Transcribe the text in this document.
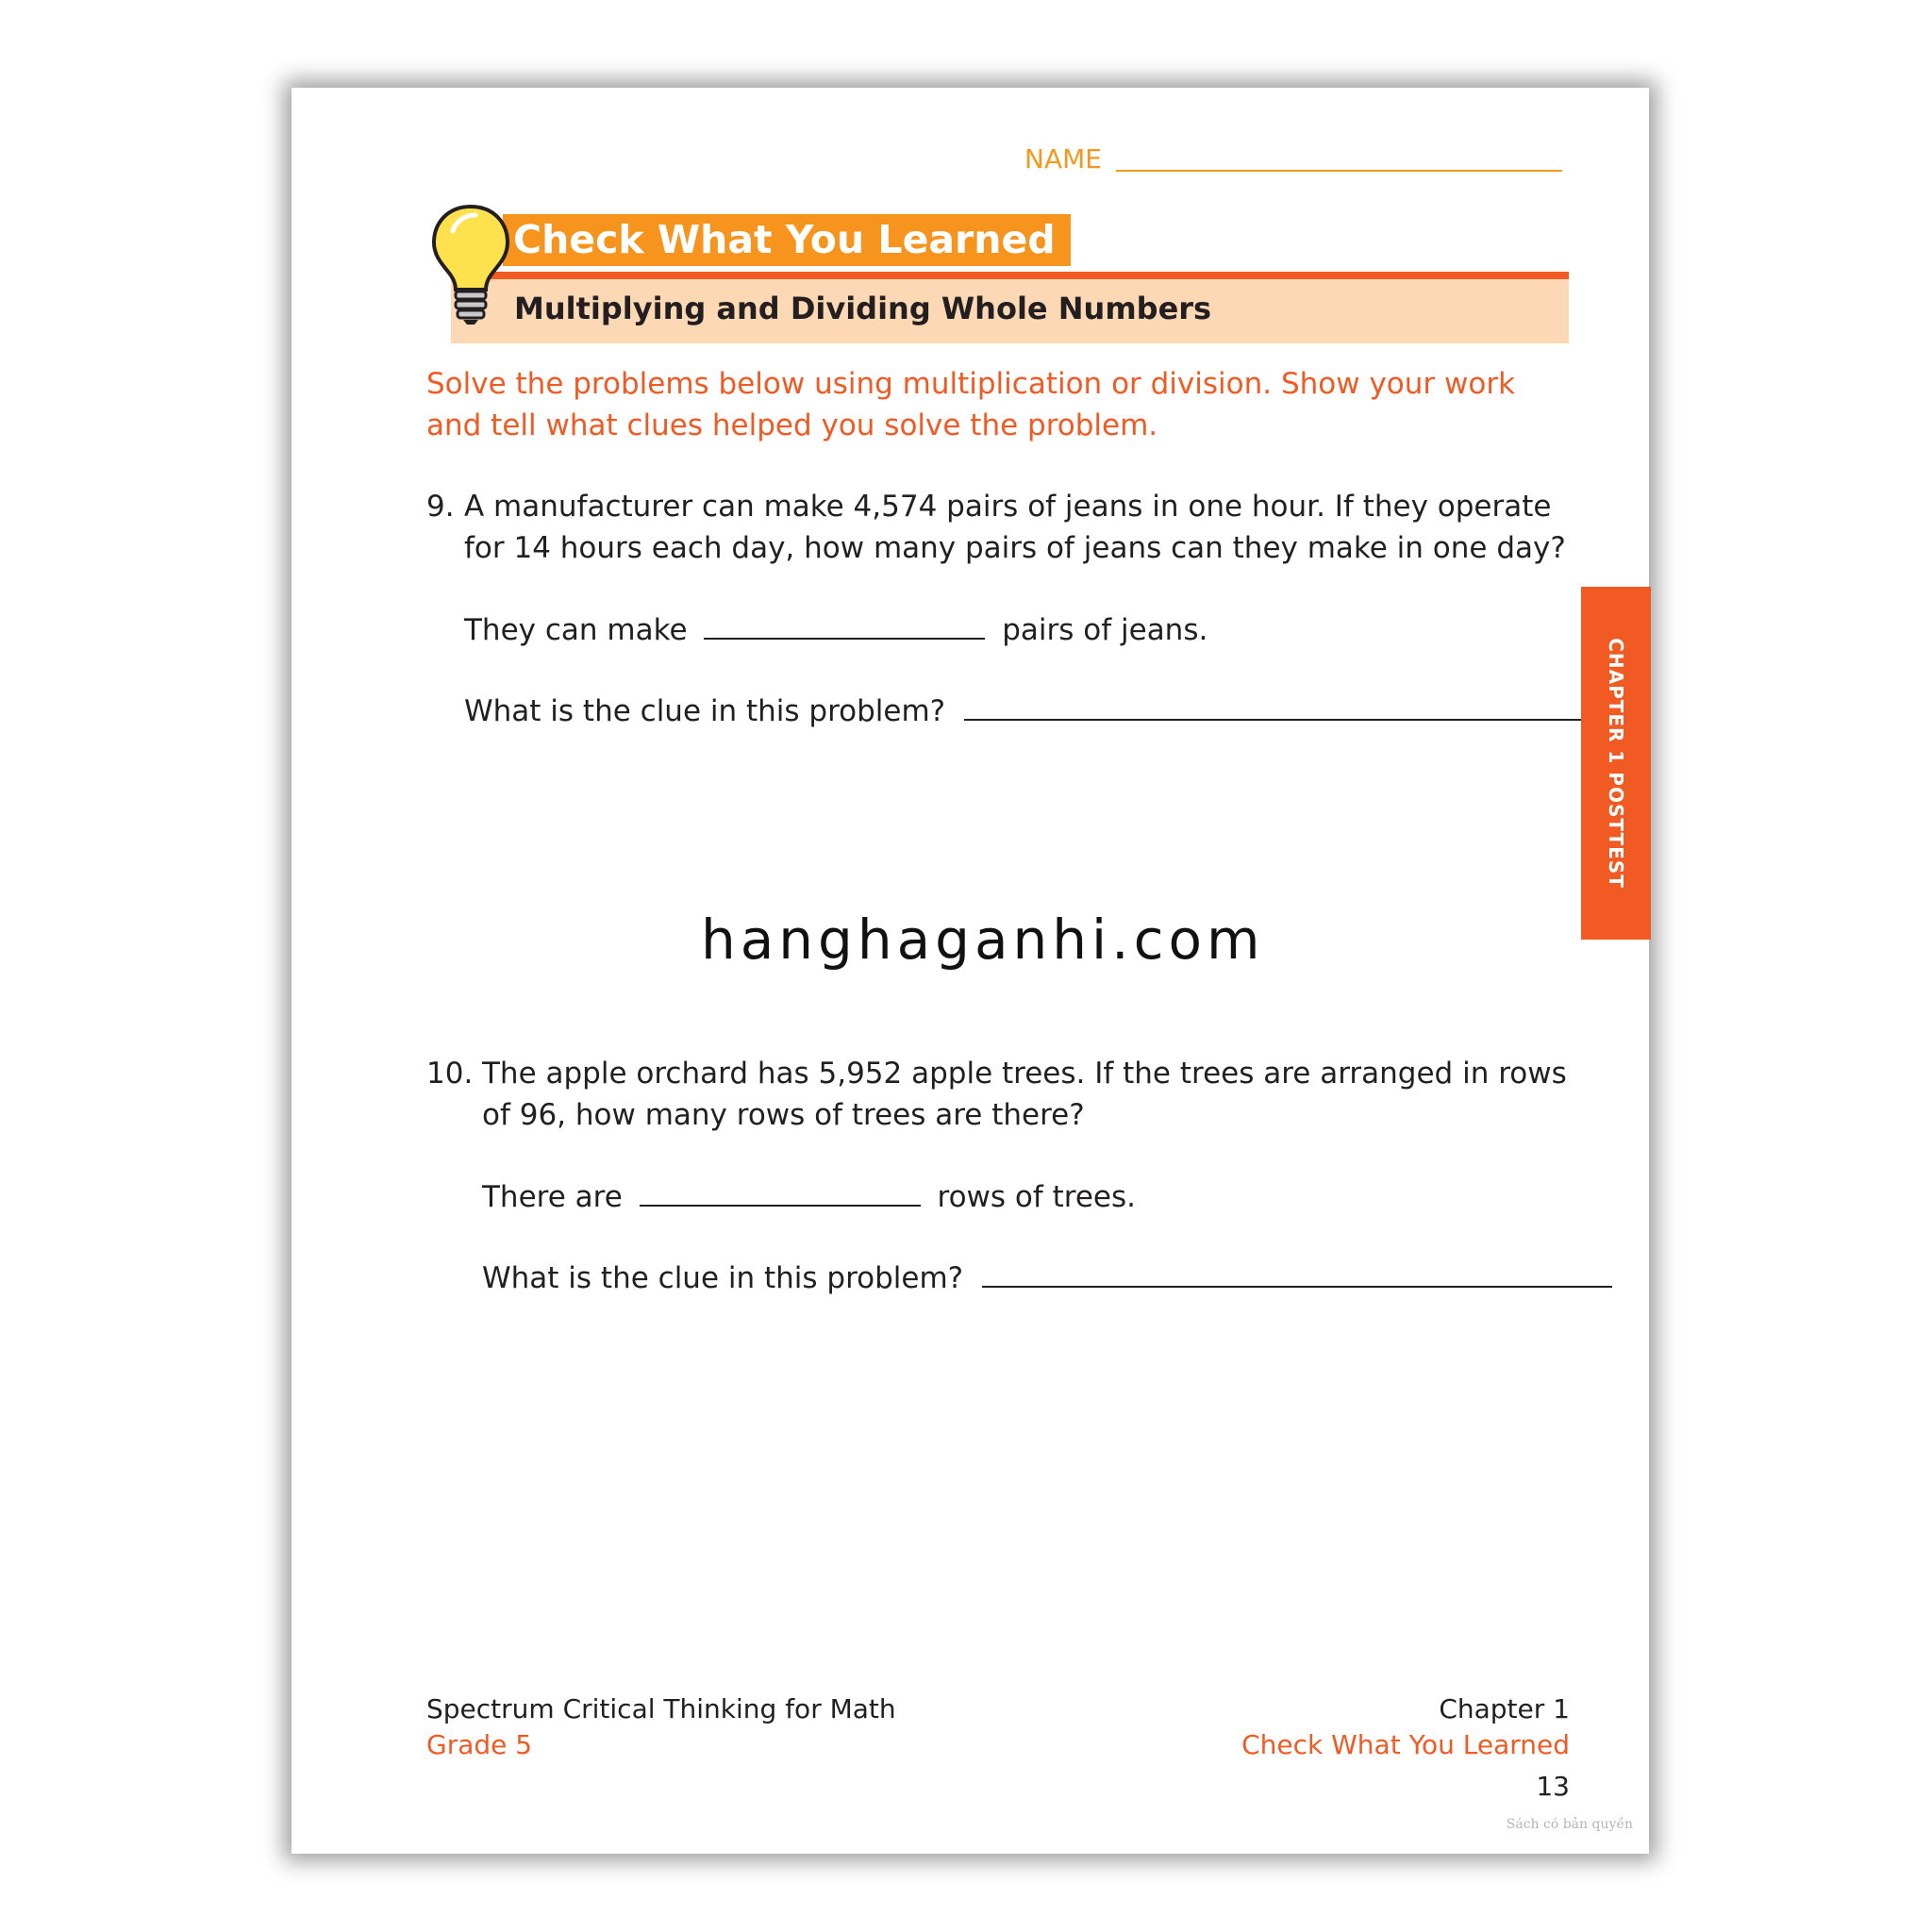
NAME
Check What You Learned
Multiplying and Dividing Whole Numbers
Solve the problems below using multiplication or division. Show your work and tell what clues helped you solve the problem.
9. A manufacturer can make 4,574 pairs of jeans in one hour. If they operate for 14 hours each day, how many pairs of jeans can they make in one day?
They can make	pairs of jeans.
What is the clue in this problem?	CHAPTER 1 POSTTEST
hanghaganhi.com
10. The apple orchard has 5,952 apple trees. If the trees are arranged in rows of 96, how many rows of trees are there?
There are	rows of trees.
What is the clue in this problem?
Spectrum Critical Thinking for Math
Grade 5
Chapter 1
Check What You Learned
13
Sách có bản quyền
